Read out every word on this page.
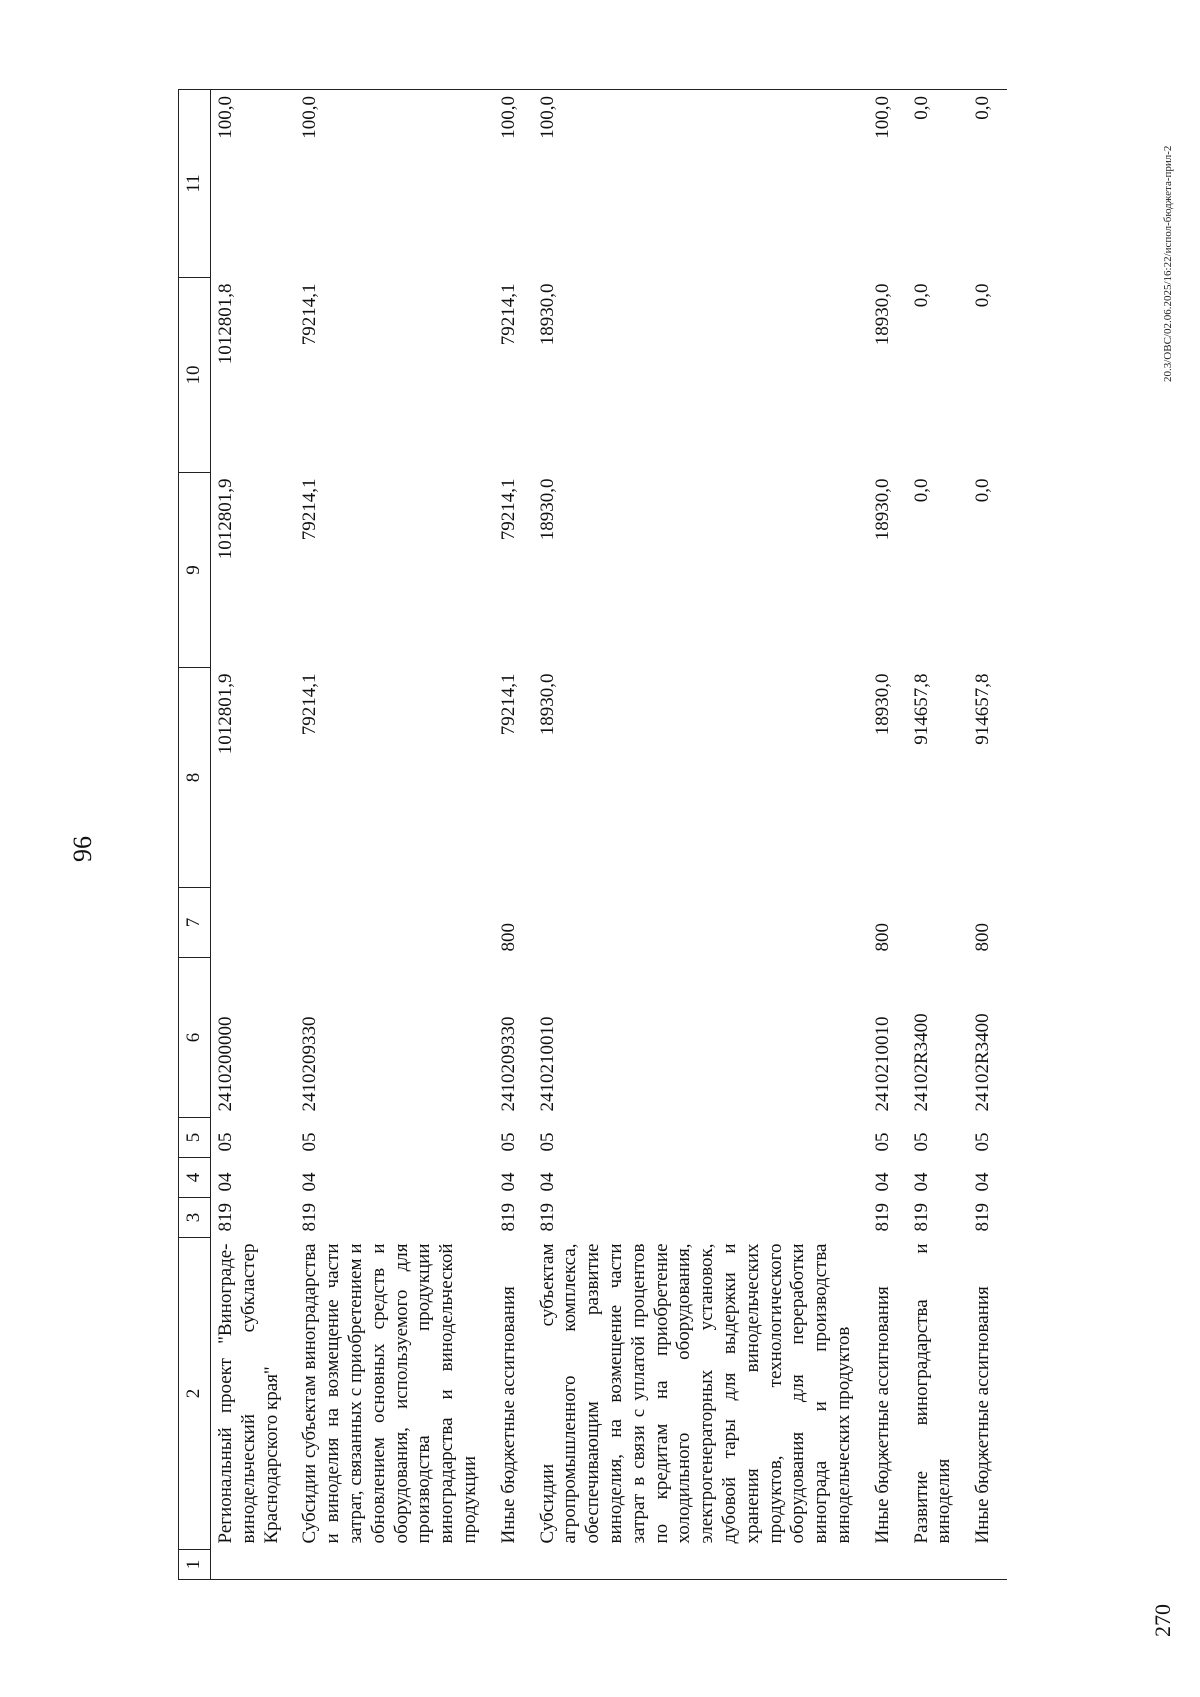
96
1	2	3	4	5	6	7	8	9	10	11
	Региональный проект "Винограде-винодельческий субкластер Краснодарского края"	819	04	05	2410200000		1012801,9	1012801,9	1012801,8	100,0
	Субсидии субъектам виноградарства и виноделия на возмещение части затрат, связанных с приобретением и обновлением основных средств и оборудования, используемого для производства продукции виноградарства и винодельческой продукции	819	04	05	2410209330		79214,1	79214,1	79214,1	100,0
	Иные бюджетные ассигнования	819	04	05	2410209330	800	79214,1	79214,1	79214,1	100,0
	Субсидии субъектам агропромышленного комплекса, обеспечивающим развитие виноделия, на возмещение части затрат в связи с уплатой процентов по кредитам на приобретение холодильного оборудования, электрогенераторных установок, дубовой тары для выдержки и хранения винодельческих продуктов, технологического оборудования для переработки винограда и производства винодельческих продуктов	819	04	05	2410210010		18930,0	18930,0	18930,0	100,0
	Иные бюджетные ассигнования	819	04	05	2410210010	800	18930,0	18930,0	18930,0	100,0
	Развитие виноградарства и виноделия	819	04	05	24102R3400		914657,8	0,0	0,0	0,0
	Иные бюджетные ассигнования	819	04	05	24102R3400	800	914657,8	0,0	0,0	0,0
20.3/OBC/02.06.2025/16:22/испол-бюджета-прил-2
270
